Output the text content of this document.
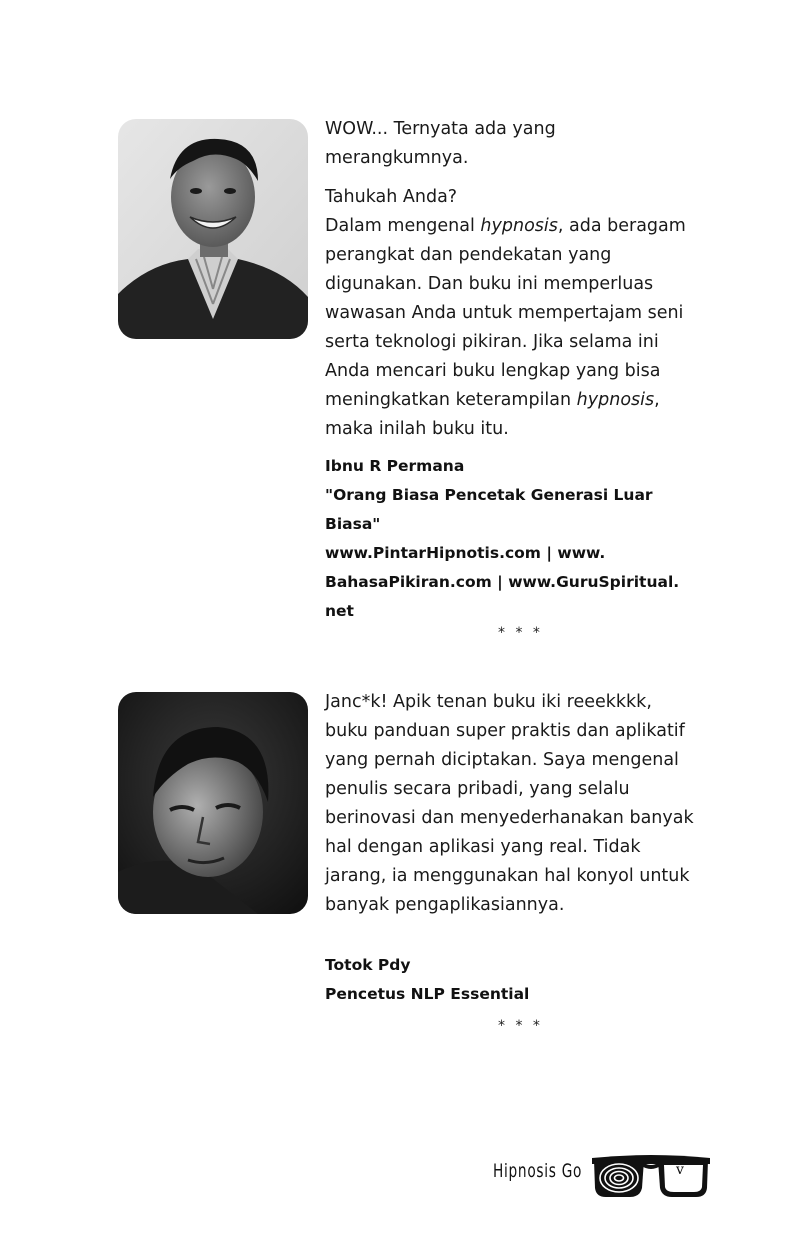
WOW... Ternyata ada yang
merangkumnya.

Tahukah Anda?
Dalam mengenal hypnosis, ada beragam
perangkat dan pendekatan yang
digunakan. Dan buku ini memperluas
wawasan Anda untuk mempertajam seni
serta teknologi pikiran. Jika selama ini
Anda mencari buku lengkap yang bisa
meningkatkan keterampilan hypnosis,
maka inilah buku itu.

Ibnu R Permana
"Orang Biasa Pencetak Generasi Luar
Biasa"
www.PintarHipnotis.com | www.
BahasaPikiran.com | www.GuruSpiritual.
net
* * *

Janc*k! Apik tenan buku iki reeekkkk,
buku panduan super praktis dan aplikatif
yang pernah diciptakan. Saya mengenal
penulis secara pribadi, yang selalu
berinovasi dan menyederhanakan banyak
hal dengan aplikasi yang real. Tidak
jarang, ia menggunakan hal konyol untuk
banyak pengaplikasiannya.

Totok Pdy
Pencetus NLP Essential
* * *
Hipnosis Go	v
